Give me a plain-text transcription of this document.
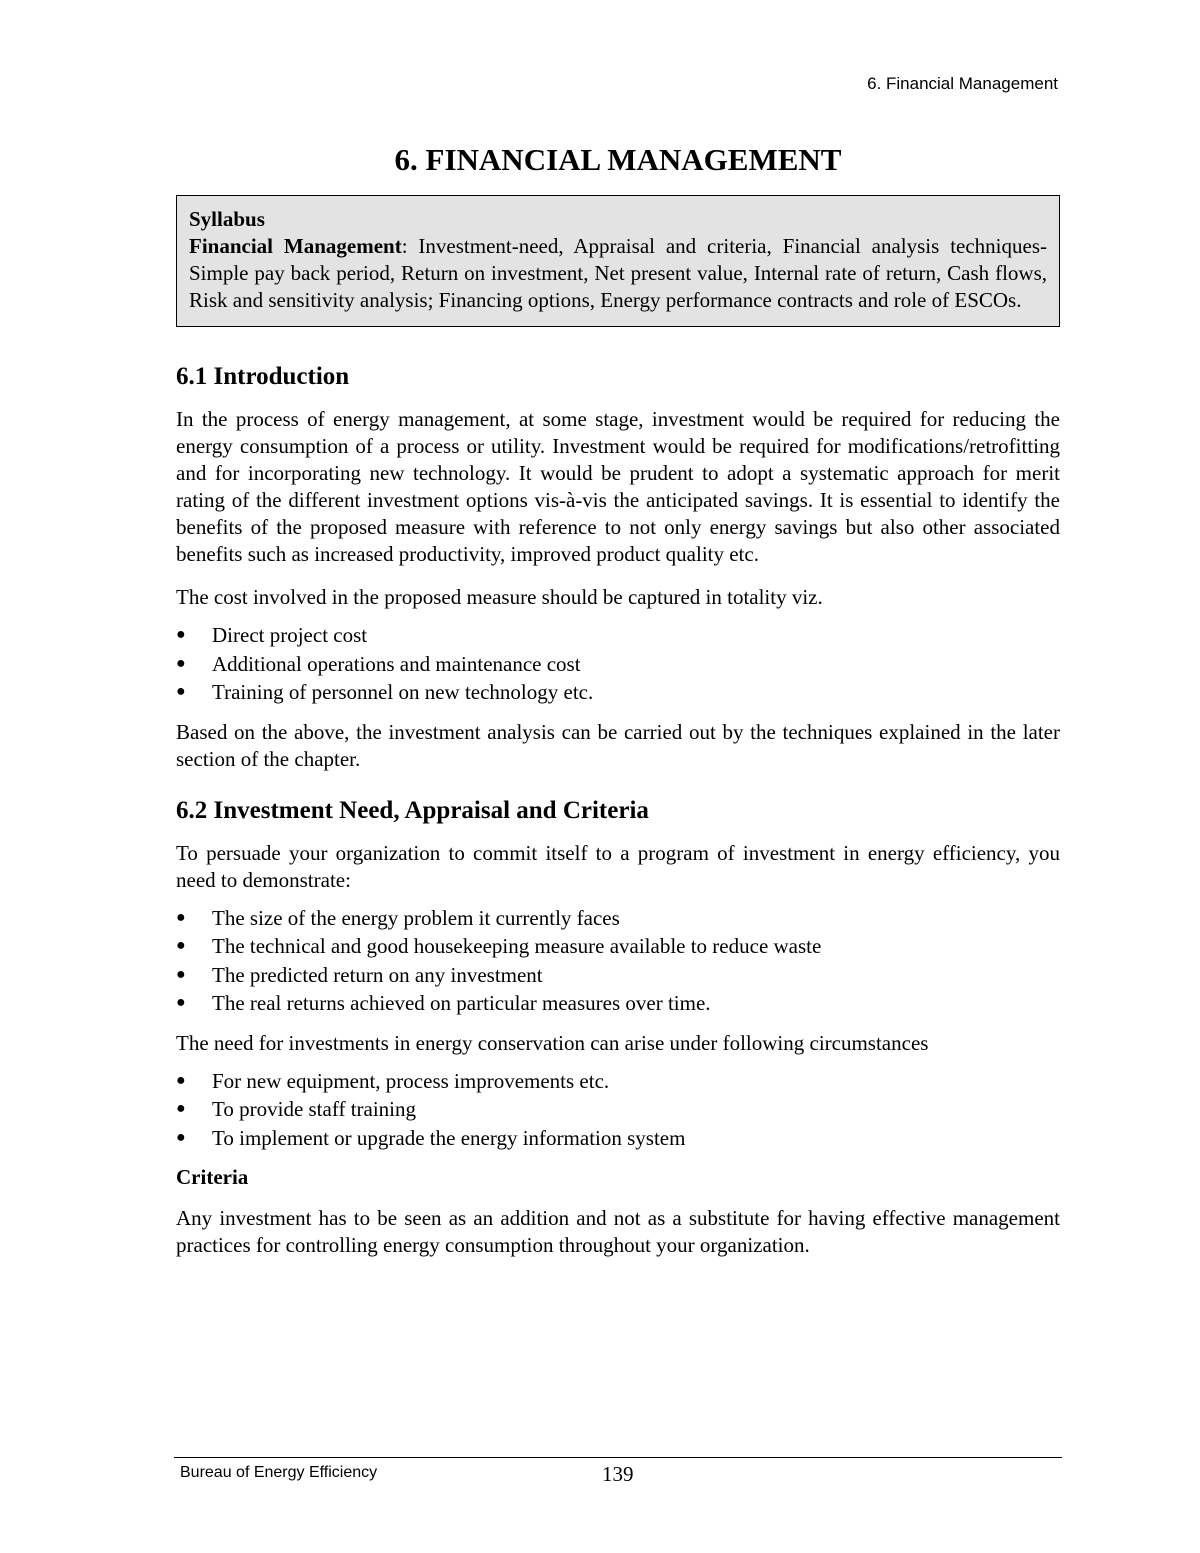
6. Financial Management
6. FINANCIAL MANAGEMENT
Syllabus
Financial Management: Investment-need, Appraisal and criteria, Financial analysis techniques-Simple pay back period, Return on investment, Net present value, Internal rate of return, Cash flows, Risk and sensitivity analysis; Financing options, Energy performance contracts and role of ESCOs.
6.1 Introduction

In the process of energy management, at some stage, investment would be required for reducing the energy consumption of a process or utility. Investment would be required for modifications/retrofitting and for incorporating new technology. It would be prudent to adopt a systematic approach for merit rating of the different investment options vis-à-vis the anticipated savings. It is essential to identify the benefits of the proposed measure with reference to not only energy savings but also other associated benefits such as increased productivity, improved product quality etc.

The cost involved in the proposed measure should be captured in totality viz.

●	Direct project cost
●	Additional operations and maintenance cost
●	Training of personnel on new technology etc.

Based on the above, the investment analysis can be carried out by the techniques explained in the later section of the chapter.

6.2 Investment Need, Appraisal and Criteria

To persuade your organization to commit itself to a program of investment in energy efficiency, you need to demonstrate:

●	The size of the energy problem it currently faces
●	The technical and good housekeeping measure available to reduce waste
●	The predicted return on any investment
●	The real returns achieved on particular measures over time.

The need for investments in energy conservation can arise under following circumstances

●	For new equipment, process improvements etc.
●	To provide staff training
●	To implement or upgrade the energy information system
Criteria

Any investment has to be seen as an addition and not as a substitute for having effective management practices for controlling energy consumption throughout your organization.

Bureau of Energy Efficiency	139
